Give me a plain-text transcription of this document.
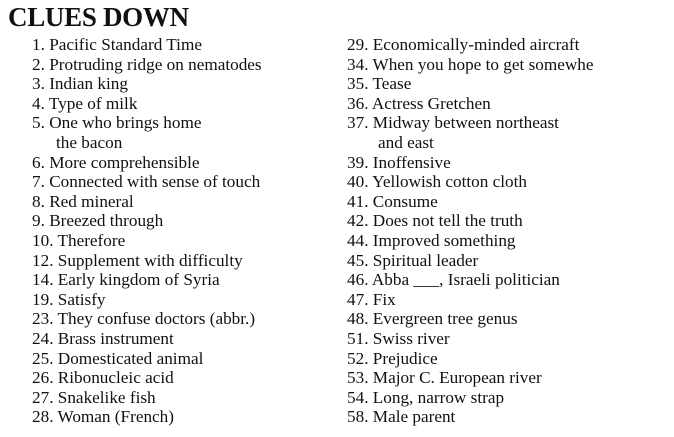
CLUES DOWN
1. Pacific Standard Time
2. Protruding ridge on nematodes
3. Indian king
4. Type of milk
5. One who brings home
the bacon
6. More comprehensible
7. Connected with sense of touch
8. Red mineral
9. Breezed through
10. Therefore
12. Supplement with difficulty
14. Early kingdom of Syria
19. Satisfy
23. They confuse doctors (abbr.)
24. Brass instrument
25. Domesticated animal
26. Ribonucleic acid
27. Snakelike fish
28. Woman (French)
29. Economically-minded aircraft
34. When you hope to get somewhe
35. Tease
36. Actress Gretchen
37. Midway between northeast
and east
39. Inoffensive
40. Yellowish cotton cloth
41. Consume
42. Does not tell the truth
44. Improved something
45. Spiritual leader
46. Abba ___, Israeli politician
47. Fix
48. Evergreen tree genus
51. Swiss river
52. Prejudice
53. Major C. European river
54. Long, narrow strap
58. Male parent
